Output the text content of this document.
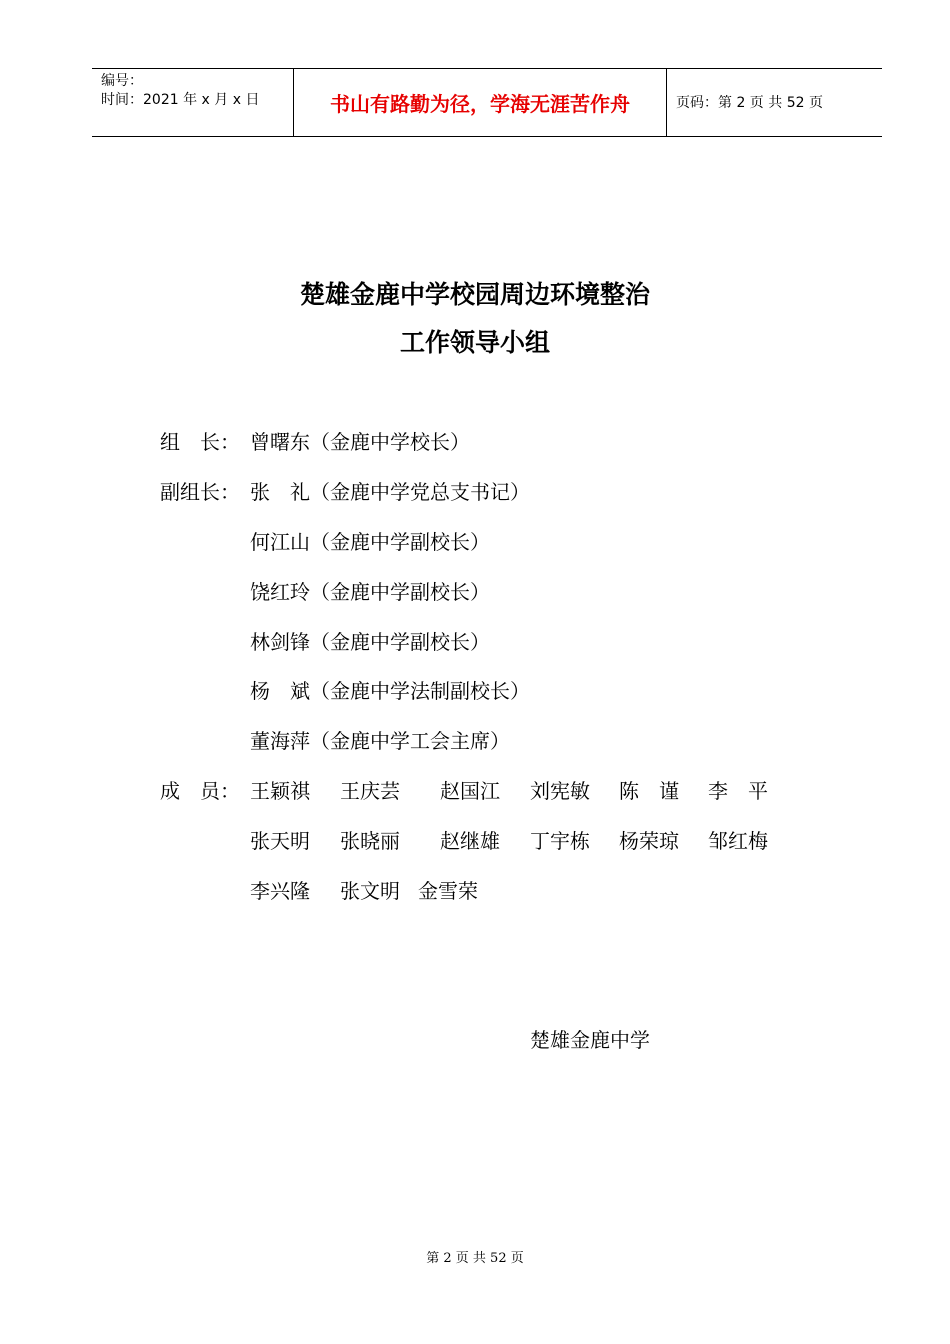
编号：
时间：2021 年 x 月 x 日	书山有路勤为径，学海无涯苦作舟	页码：第 2 页 共 52 页
楚雄金鹿中学校园周边环境整治
工作领导小组
组　长： 曾曙东（金鹿中学校长）
副组长： 张　礼（金鹿中学党总支书记）
何江山（金鹿中学副校长）
饶红玲（金鹿中学副校长）
林剑锋（金鹿中学副校长）
杨　斌（金鹿中学法制副校长）
董海萍（金鹿中学工会主席）
成　员： 王颖祺 王庆芸 赵国江 刘宪敏 陈　谨 李　平
张天明 张晓丽 赵继雄 丁宇栋 杨荣琼 邹红梅
李兴隆 张文明 金雪荣
楚雄金鹿中学
第 2 页 共 52 页
